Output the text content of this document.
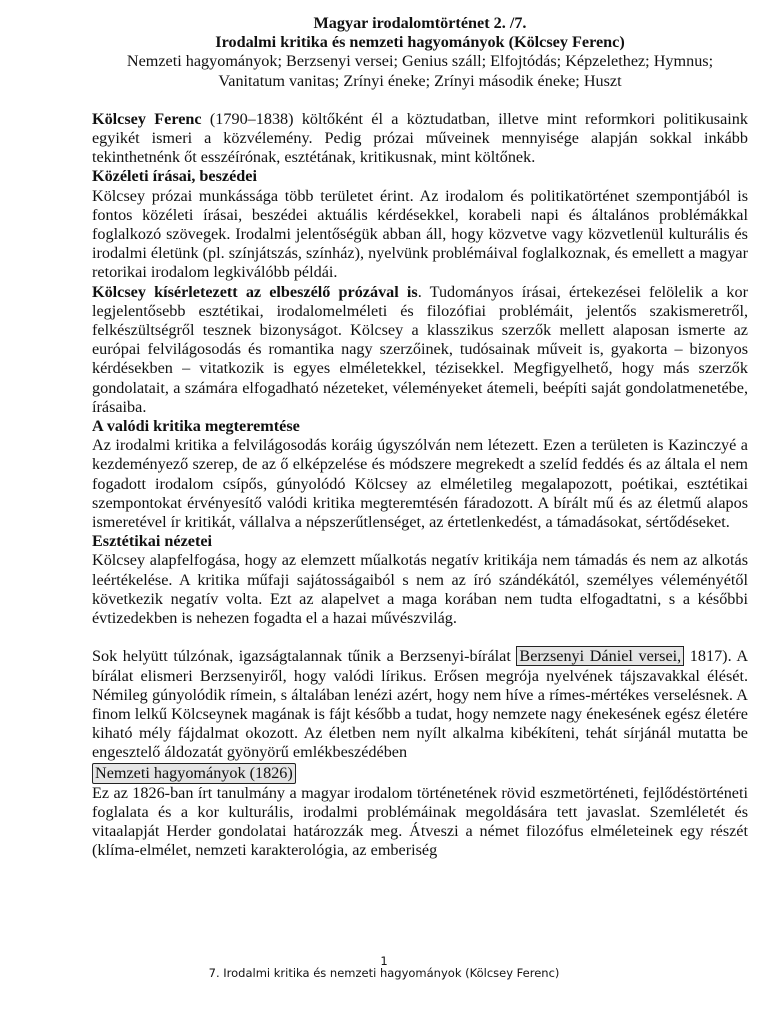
Magyar irodalomtörténet 2. /7.
Irodalmi kritika és nemzeti hagyományok (Kölcsey Ferenc)
Nemzeti hagyományok; Berzsenyi versei; Genius száll; Elfojtódás; Képzelethez; Hymnus;
Vanitatum vanitas; Zrínyi éneke; Zrínyi második éneke; Huszt

Kölcsey Ferenc (1790–1838) költőként él a köztudatban, illetve mint reformkori politikusaink egyikét ismeri a közvélemény. Pedig prózai műveinek mennyisége alapján sokkal inkább tekinthetnénk őt esszéírónak, esztétának, kritikusnak, mint költőnek.

Közéleti írásai, beszédei

Kölcsey prózai munkássága több területet érint. Az irodalom és politikatörténet szempontjából is fontos közéleti írásai, beszédei aktuális kérdésekkel, korabeli napi és általános problémákkal foglalkozó szövegek. Irodalmi jelentőségük abban áll, hogy közvetve vagy közvetlenül kulturális és irodalmi életünk (pl. színjátszás, színház), nyelvünk problémáival foglalkoznak, és emellett a magyar retorikai irodalom legkiválóbb példái.

Kölcsey kísérletezett az elbeszélő prózával is. Tudományos írásai, értekezései felölelik a kor legjelentősebb esztétikai, irodalomelméleti és filozófiai problémáit, jelentős szakismeretről, felkészültségről tesznek bizonyságot. Kölcsey a klasszikus szerzők mellett alaposan ismerte az európai felvilágosodás és romantika nagy szerzőinek, tudósainak műveit is, gyakorta – bizonyos kérdésekben – vitatkozik is egyes elméletekkel, tézisekkel. Megfigyelhető, hogy más szerzők gondolatait, a számára elfogadható nézeteket, véleményeket átemeli, beépíti saját gondolatmenetébe, írásaiba.

A valódi kritika megteremtése

Az irodalmi kritika a felvilágosodás koráig úgyszólván nem létezett. Ezen a területen is Kazinczyé a kezdeményező szerep, de az ő elképzelése és módszere megrekedt a szelíd feddés és az általa el nem fogadott irodalom csípős, gúnyolódó Kölcsey az elméletileg megalapozott, poétikai, esztétikai szempontokat érvényesítő valódi kritika megteremtésén fáradozott. A bírált mű és az életmű alapos ismeretével ír kritikát, vállalva a népszerűtlenséget, az értetlenkedést, a támadásokat, sértődéseket.

Esztétikai nézetei

Kölcsey alapfelfogása, hogy az elemzett műalkotás negatív kritikája nem támadás és nem az alkotás leértékelése. A kritika műfaji sajátosságaiból s nem az író szándékától, személyes véleményétől következik negatív volta. Ezt az alapelvet a maga korában nem tudta elfogadtatni, s a későbbi évtizedekben is nehezen fogadta el a hazai művészvilág.

Sok helyütt túlzónak, igazságtalannak tűnik a Berzsenyi-bírálat Berzsenyi Dániel versei, 1817). A bírálat elismeri Berzsenyiről, hogy valódi lírikus. Erősen megrója nyelvének tájszavakkal élését. Némileg gúnyolódik rímein, s általában lenézi azért, hogy nem híve a rímes-mértékes verselésnek. A finom lelkű Kölcseynek magának is fájt később a tudat, hogy nemzete nagy énekesének egész életére kiható mély fájdalmat okozott. Az életben nem nyílt alkalma kibékíteni, tehát sírjánál mutatta be engesztelő áldozatát gyönyörű emlékbeszédében

Nemzeti hagyományok (1826)

Ez az 1826-ban írt tanulmány a magyar irodalom történetének rövid eszmetörténeti, fejlődéstörténeti foglalata és a kor kulturális, irodalmi problémáinak megoldására tett javaslat. Szemléletét és vitaalapját Herder gondolatai határozzák meg. Átveszi a német filozófus elméleteinek egy részét (klíma-elmélet, nemzeti karakterológia, az emberiség

1
7. Irodalmi kritika és nemzeti hagyományok (Kölcsey Ferenc)
